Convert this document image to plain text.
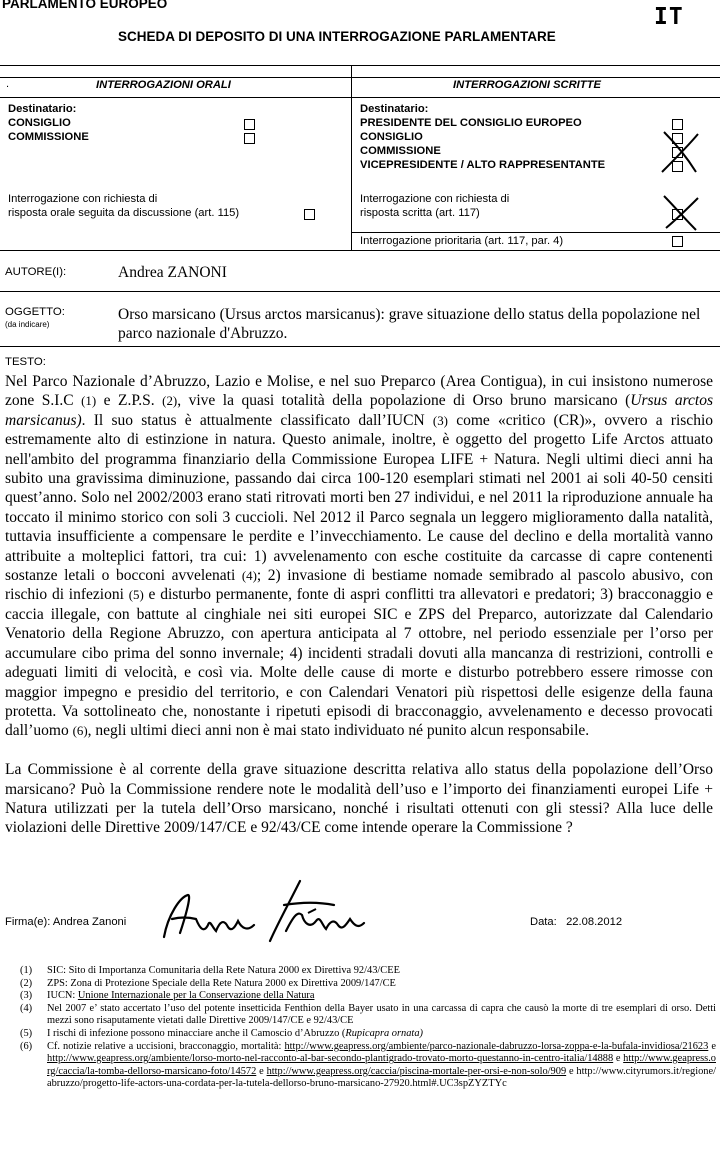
PARLAMENTO EUROPEO
IT
SCHEDA DI DEPOSITO DI UNA INTERROGAZIONE PARLAMENTARE
INTERROGAZIONI ORALI
.
Destinatario:
CONSIGLIO
COMMISSIONE
Interrogazione con richiesta di
risposta orale seguita da discussione (art. 115)
INTERROGAZIONI SCRITTE
Destinatario:
PRESIDENTE DEL CONSIGLIO EUROPEO
CONSIGLIO
COMMISSIONE
VICEPRESIDENTE / ALTO RAPPRESENTANTE
Interrogazione con richiesta di
risposta scritta (art. 117)
Interrogazione prioritaria (art. 117, par. 4)
AUTORE(I):	Andrea ZANONI
OGGETTO:
(da indicare)
Orso marsicano (Ursus arctos marsicanus): grave situazione dello status della popolazione nel parco nazionale d'Abruzzo.
TESTO:

Nel Parco Nazionale d’Abruzzo, Lazio e Molise, e nel suo Preparco (Area Contigua), in cui insistono numerose zone S.I.C (1) e Z.P.S. (2), vive la quasi totalità della popolazione di Orso bruno marsicano (Ursus arctos marsicanus). Il suo status è attualmente classificato dall’IUCN (3) come «critico (CR)», ovvero a rischio estremamente alto di estinzione in natura. Questo animale, inoltre, è oggetto del progetto Life Arctos attuato nell'ambito del programma finanziario della Commissione Europea LIFE + Natura. Negli ultimi dieci anni ha subito una gravissima diminuzione, passando dai circa 100-120 esemplari stimati nel 2001 ai soli 40-50 censiti quest’anno. Solo nel 2002/2003 erano stati ritrovati morti ben 27 individui, e nel 2011 la riproduzione annuale ha toccato il minimo storico con soli 3 cuccioli. Nel 2012 il Parco segnala un leggero miglioramento dalla natalità, tuttavia insufficiente a compensare le perdite e l’invecchiamento. Le cause del declino e della mortalità vanno attribuite a molteplici fattori, tra cui: 1) avvelenamento con esche costituite da carcasse di capre contenenti sostanze letali o bocconi avvelenati (4); 2) invasione di bestiame nomade semibrado al pascolo abusivo, con rischio di infezioni (5) e disturbo permanente, fonte di aspri conflitti tra allevatori e predatori; 3) bracconaggio e caccia illegale, con battute al cinghiale nei siti europei SIC e ZPS del Preparco, autorizzate dal Calendario Venatorio della Regione Abruzzo, con apertura anticipata al 7 ottobre, nel periodo essenziale per l’orso per accumulare cibo prima del sonno invernale; 4) incidenti stradali dovuti alla mancanza di restrizioni, controlli e adeguati limiti di velocità, e così via. Molte delle cause di morte e disturbo potrebbero essere rimosse con maggior impegno e presidio del territorio, e con Calendari Venatori più rispettosi delle esigenze della fauna protetta. Va sottolineato che, nonostante i ripetuti episodi di bracconaggio, avvelenamento e decesso provocati dall’uomo (6), negli ultimi dieci anni non è mai stato individuato né punito alcun responsabile.

La Commissione è al corrente della grave situazione descritta relativa allo status della popolazione dell’Orso marsicano? Può la Commissione rendere note le modalità dell’uso e l’importo dei finanziamenti europei Life + Natura utilizzati per la tutela dell’Orso marsicano, nonché i risultati ottenuti con gli stessi? Alla luce delle violazioni delle Direttive 2009/147/CE e 92/43/CE come intende operare la Commissione ?

Firma(e): Andrea Zanoni	Data: 22.08.2012
(1)	SIC: Sito di Importanza Comunitaria della Rete Natura 2000 ex Direttiva 92/43/CEE
(2)	ZPS: Zona di Protezione Speciale della Rete Natura 2000 ex Direttiva 2009/147/CE
(3)	IUCN: Unione Internazionale per la Conservazione della Natura
(4)	Nel 2007 e’ stato accertato l’uso del potente insetticida Fenthion della Bayer usato in una carcassa di capra che causò la morte di tre esemplari di orso. Detti mezzi sono risaputamente vietati dalle Direttive 2009/147/CE e 92/43/CE
(5)	I rischi di infezione possono minacciare anche il Camoscio d’Abruzzo (Rupicapra ornata)
(6)	Cf. notizie relative a uccisioni, bracconaggio, mortalità: http://www.geapress.org/ambiente/parco-nazionale-dabruzzo-lorsa-zoppa-e-la-bufala-invidiosa/21623 e http://www.geapress.org/ambiente/lorso-morto-nel-racconto-al-bar-secondo-plantigrado-trovato-morto-questanno-in-centro-italia/14888 e http://www.geapress.org/caccia/la-tomba-dellorso-marsicano-foto/14572 e http://www.geapress.org/caccia/piscina-mortale-per-orsi-e-non-solo/909 e http://www.cityrumors.it/regione/abruzzo/progetto-life-actors-una-cordata-per-la-tutela-dellorso-bruno-marsicano-27920.html#.UC3spZYZTYc
